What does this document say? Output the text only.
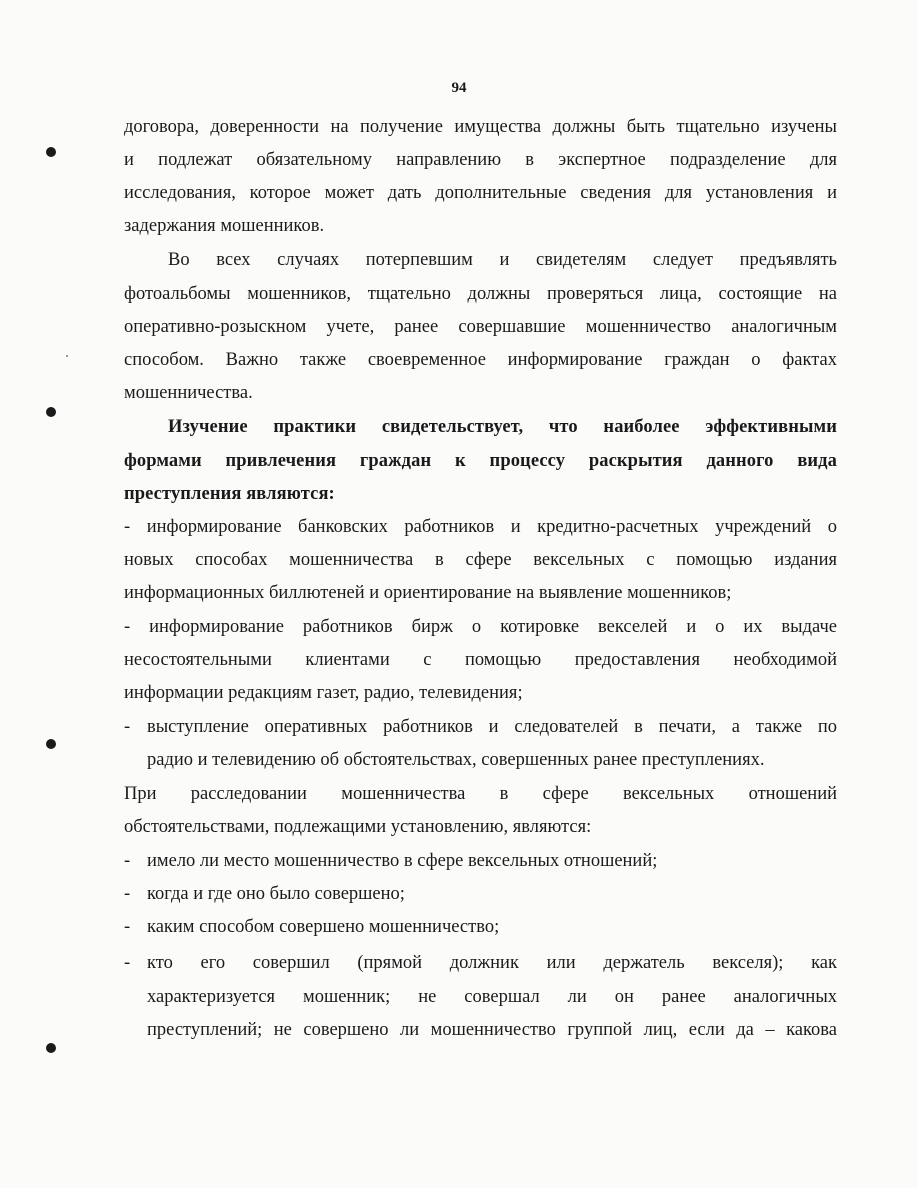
94

договора, доверенности на получение имущества должны быть тщательно изучены

и подлежат обязательному направлению в экспертное подразделение для

исследования, которое может дать дополнительные сведения для установления и

задержания мошенников.

Во всех случаях потерпевшим и свидетелям следует предъявлять

фотоальбомы мошенников, тщательно должны проверяться лица, состоящие на

оперативно-розыскном учете, ранее совершавшие мошенничество аналогичным

способом. Важно также своевременное информирование граждан о фактах

мошенничества.

Изучение практики свидетельствует, что наиболее эффективными

формами привлечения граждан к процессу раскрытия данного вида

преступления являются:

- информирование банковских работников и кредитно-расчетных учреждений о

новых способах мошенничества в сфере вексельных с помощью издания

информационных биллютеней и ориентирование на выявление мошенников;

- информирование работников бирж о котировке векселей и о их выдаче

несостоятельными клиентами с помощью предоставления необходимой

информации редакциям газет, радио, телевидения;

- выступление оперативных работников и следователей в печати, а также по

радио и телевидению об обстоятельствах, совершенных ранее преступлениях.

При расследовании мошенничества в сфере вексельных отношений

обстоятельствами, подлежащими установлению, являются:

- имело ли место мошенничество в сфере вексельных отношений;

- когда и где оно было совершено;

- каким способом совершено мошенничество;

- кто его совершил (прямой должник или держатель векселя); как

характеризуется мошенник; не совершал ли он ранее аналогичных

преступлений; не совершено ли мошенничество группой лиц, если да – какова
